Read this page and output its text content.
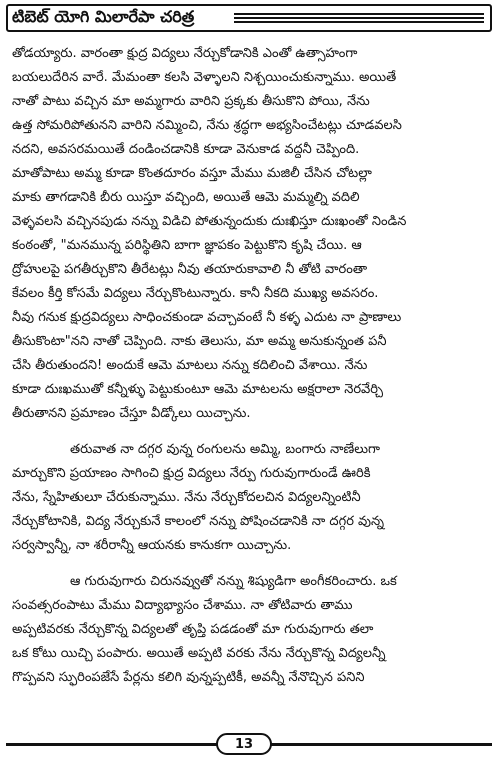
టిబెట్ యోగి మిలారేపా చరిత్ర
తోడయ్యారు. వారంతా క్షుద్ర విద్యలు నేర్చుకోడానికి ఎంతో ఉత్సాహంగా
బయలుదేరిన వారే. మేమంతా కలసి వెళ్ళాలని నిశ్చయించుకున్నాము. అయితే
నాతో పాటు వచ్చిన మా అమ్మగారు వారిని ప్రక్కకు తీసుకొని పోయి, నేను
ఉత్త సోమరిపోతునని వారిని నమ్మించి, నేను శ్రద్ధగా అభ్యసించేటట్లు చూడవలసి
నదని, అవసరమయితే దండించడానికి కూడా వెనుకాడ వద్దనీ చెప్పింది.
మాతోపాటు అమ్మ కూడా కొంతదూరం వస్తూ మేము మజిలీ చేసిన చోటల్లా
మాకు తాగడానికి బీరు యిస్తూ వచ్చింది, అయితే ఆమె మమ్మల్ని వదిలి
వెళ్ళవలసి వచ్చినపుడు నన్ను విడిచి పోతున్నందుకు దుఃఖిస్తూ దుఃఖంతో నిండిన
కంఠంతో, "మనమున్న పరిస్థితిని బాగా జ్ఞాపకం పెట్టుకొని కృషి చేయి. ఆ
ద్రోహులపై పగతీర్చుకొని తీరేటట్లు నీవు తయారుకావాలి నీ తోటి వారంతా
కేవలం కీర్తి కోసమే విద్యలు నేర్చుకొంటున్నారు. కానీ నీకది ముఖ్య అవసరం.
నీవు గనుక క్షుద్రవిద్యలు సాధించకుండా వచ్చావంటే నీ కళ్ళ ఎదుట నా ప్రాణాలు
తీసుకొంటా"నని నాతో చెప్పింది. నాకు తెలుసు, మా అమ్మ అనుకున్నంత పనీ
చేసి తీరుతుందని! అందుకే ఆమె మాటలు నన్ను కదిలించి వేశాయి. నేను
కూడా దుఃఖముతో కన్నీళ్ళు పెట్టుకుంటూ ఆమె మాటలను అక్షరాలా నెరవేర్చి
తీరుతానని ప్రమాణం చేస్తూ వీడ్కోలు యిచ్చాను.
తరువాత నా దగ్గర వున్న రంగులను అమ్మి, బంగారు నాణేలుగా
మార్చుకొని ప్రయాణం సాగించి క్షుద్ర విద్యలు నేర్పు గురువుగారుండే ఊరికి
నేను, స్నేహితులూ చేరుకున్నాము. నేను నేర్చుకోదలచిన విద్యలన్నింటినీ
నేర్చుకోటానికి, విద్య నేర్చుకునే కాలంలో నన్ను పోషించడానికి నా దగ్గర వున్న
సర్వస్వాన్నీ, నా శరీరాన్నీ ఆయనకు కానుకగా యిచ్చాను.
ఆ గురువుగారు చిరునవ్వుతో నన్ను శిష్యుడిగా అంగీకరించారు. ఒక
సంవత్సరంపాటు మేము విద్యాభ్యాసం చేశాము. నా తోటివారు తాము
అప్పటివరకు నేర్చుకొన్న విద్యలతో తృప్తి పడడంతో మా గురువుగారు తలా
ఒక కోటు యిచ్చి పంపారు. అయితే అప్పటి వరకు నేను నేర్చుకొన్న విద్యలన్నీ
గొప్పవని స్ఫురింపజేసే పేర్లను కలిగి వున్నప్పటికీ, అవన్నీ నేనొచ్చిన పనిని
13
